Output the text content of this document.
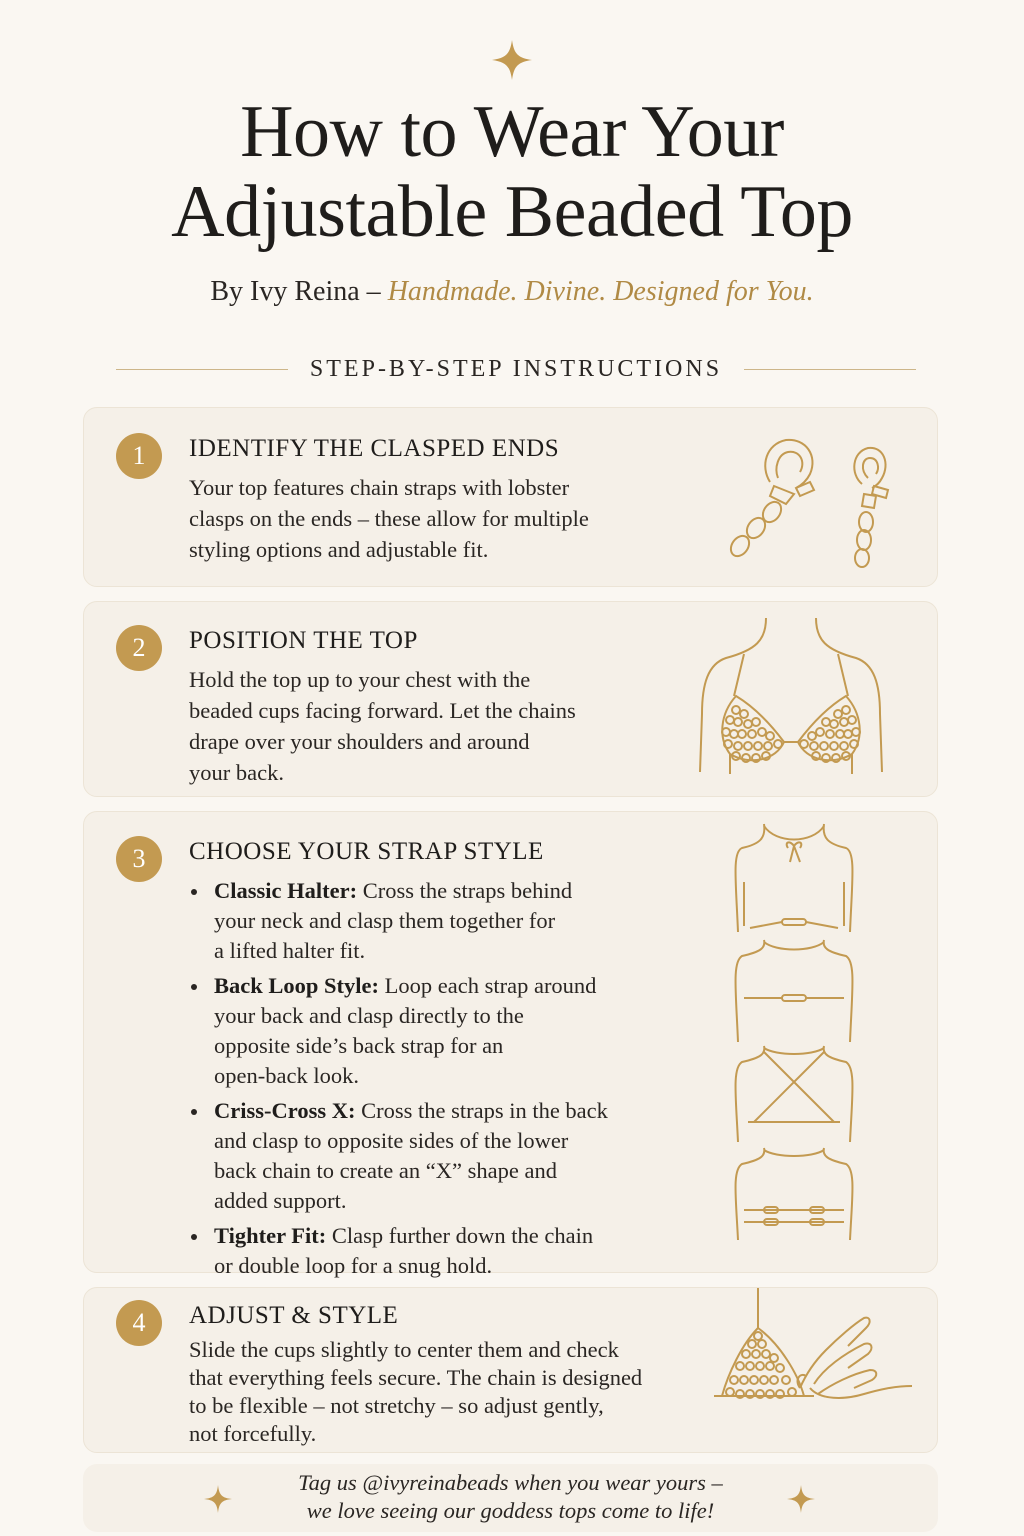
How to Wear Your
Adjustable Beaded Top
By Ivy Reina – Handmade. Divine. Designed for You.
STEP-BY-STEP INSTRUCTIONS
1	IDENTIFY THE CLASPED ENDS
Your top features chain straps with lobster
clasps on the ends – these allow for multiple
styling options and adjustable fit.
2	POSITION THE TOP
Hold the top up to your chest with the
beaded cups facing forward. Let the chains
drape over your shoulders and around
your back.
3	CHOOSE YOUR STRAP STYLE
Classic Halter: Cross the straps behind
your neck and clasp them together for
a lifted halter fit.
Back Loop Style: Loop each strap around
your back and clasp directly to the
opposite side’s back strap for an
open-back look.
Criss-Cross X: Cross the straps in the back
and clasp to opposite sides of the lower
back chain to create an “X” shape and
added support.
Tighter Fit: Clasp further down the chain
or double loop for a snug hold.
4	ADJUST & STYLE
Slide the cups slightly to center them and check
that everything feels secure. The chain is designed
to be flexible – not stretchy – so adjust gently,
not forcefully.
Tag us @ivyreinabeads when you wear yours –
we love seeing our goddess tops come to life!
